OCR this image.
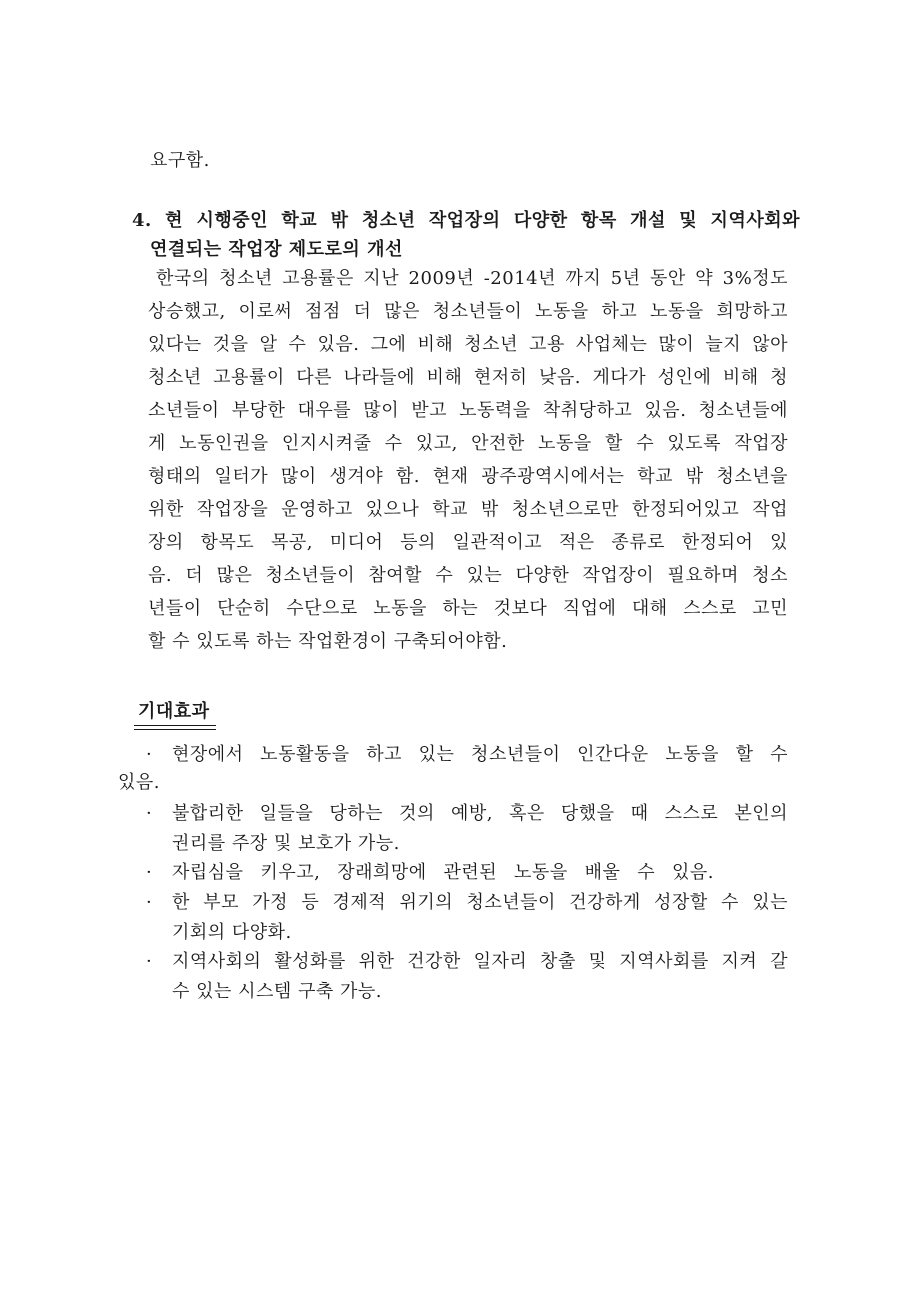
요구함.
4. 현 시행중인 학교 밖 청소년 작업장의 다양한 항목 개설 및 지역사회와
연결되는 작업장 제도로의 개선
한국의 청소년 고용률은 지난 2009년 -2014년 까지 5년 동안 약 3%정도
상승했고, 이로써 점점 더 많은 청소년들이 노동을 하고 노동을 희망하고
있다는 것을 알 수 있음. 그에 비해 청소년 고용 사업체는 많이 늘지 않아
청소년 고용률이 다른 나라들에 비해 현저히 낮음. 게다가 성인에 비해 청
소년들이 부당한 대우를 많이 받고 노동력을 착취당하고 있음. 청소년들에
게 노동인권을 인지시켜줄 수 있고, 안전한 노동을 할 수 있도록 작업장
형태의 일터가 많이 생겨야 함. 현재 광주광역시에서는 학교 밖 청소년을
위한 작업장을 운영하고 있으나 학교 밖 청소년으로만 한정되어있고 작업
장의 항목도 목공, 미디어 등의 일관적이고 적은 종류로 한정되어 있
음. 더 많은 청소년들이 참여할 수 있는 다양한 작업장이 필요하며 청소
년들이 단순히 수단으로 노동을 하는 것보다 직업에 대해 스스로 고민
할 수 있도록 하는 작업환경이 구축되어야함.
기대효과
· 현장에서 노동활동을 하고 있는 청소년들이 인간다운 노동을 할 수
있음.
· 불합리한 일들을 당하는 것의 예방, 혹은 당했을 때 스스로 본인의
권리를 주장 및 보호가 가능.
· 자립심을 키우고, 장래희망에 관련된 노동을 배울 수 있음.
· 한 부모 가정 등 경제적 위기의 청소년들이 건강하게 성장할 수 있는
기회의 다양화.
· 지역사회의 활성화를 위한 건강한 일자리 창출 및 지역사회를 지켜 갈
수 있는 시스템 구축 가능.
